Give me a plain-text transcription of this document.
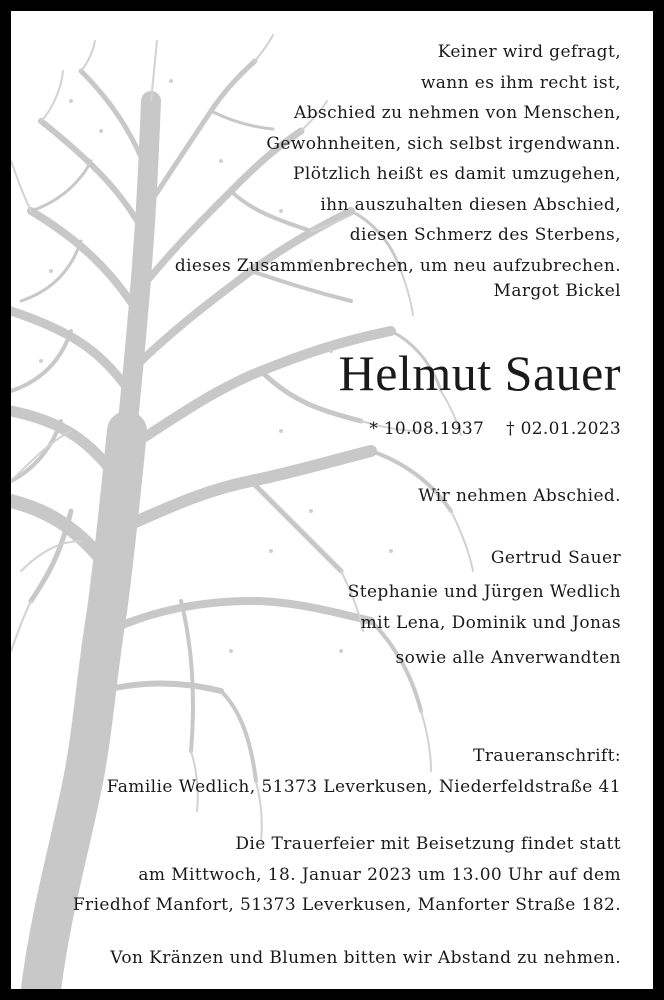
Keiner wird gefragt,
wann es ihm recht ist,
Abschied zu nehmen von Menschen,
Gewohnheiten, sich selbst irgendwann.
Plötzlich heißt es damit umzugehen,
ihn auszuhalten diesen Abschied,
diesen Schmerz des Sterbens,
dieses Zusammenbrechen, um neu aufzubrechen.
Margot Bickel
Helmut Sauer
* 10.08.1937 † 02.01.2023
Wir nehmen Abschied.
Gertrud Sauer
Stephanie und Jürgen Wedlich
mit Lena, Dominik und Jonas
sowie alle Anverwandten
Traueranschrift:
Familie Wedlich, 51373 Leverkusen, Niederfeldstraße 41
Die Trauerfeier mit Beisetzung findet statt
am Mittwoch, 18. Januar 2023 um 13.00 Uhr auf dem
Friedhof Manfort, 51373 Leverkusen, Manforter Straße 182.
Von Kränzen und Blumen bitten wir Abstand zu nehmen.
